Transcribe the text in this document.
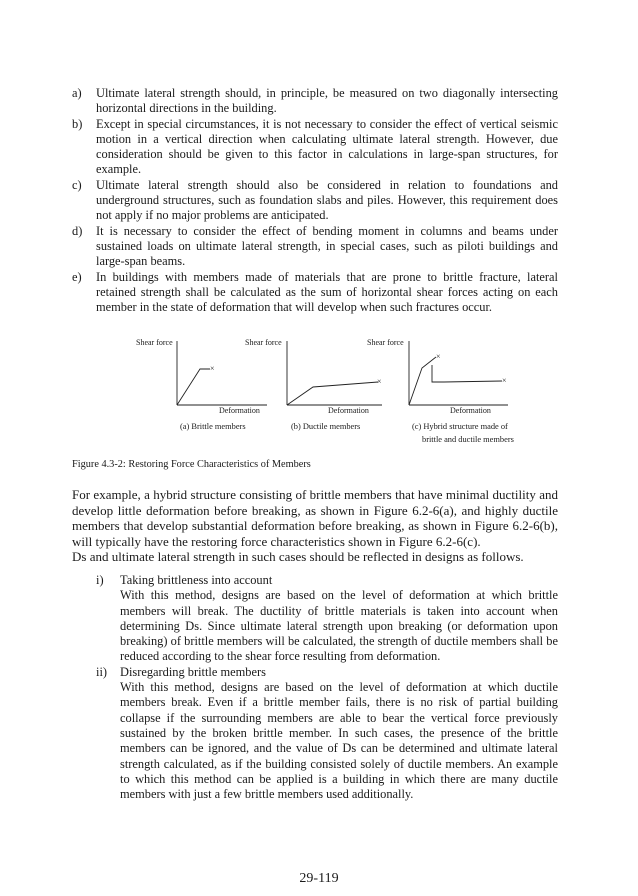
a)	Ultimate lateral strength should, in principle, be measured on two diagonally intersecting horizontal directions in the building.
b)	Except in special circumstances, it is not necessary to consider the effect of vertical seismic motion in a vertical direction when calculating ultimate lateral strength. However, due consideration should be given to this factor in calculations in large-span structures, for example.
c)	Ultimate lateral strength should also be considered in relation to foundations and underground structures, such as foundation slabs and piles. However, this requirement does not apply if no major problems are anticipated.
d)	It is necessary to consider the effect of bending moment in columns and beams under sustained loads on ultimate lateral strength, in special cases, such as piloti buildings and large-span beams.
e)	In buildings with members made of materials that are prone to brittle fracture, lateral retained strength shall be calculated as the sum of horizontal shear forces acting on each member in the state of deformation that will develop when such fractures occur.
Shear force
×
Deformation
(a) Brittle members
Shear force
×
Deformation
(b) Ductile members
Shear force
×
×
Deformation
(c) Hybrid structure made of
brittle and ductile members
Figure 4.3-2: Restoring Force Characteristics of Members

For example, a hybrid structure consisting of brittle members that have minimal ductility and develop little deformation before breaking, as shown in Figure 6.2-6(a), and highly ductile members that develop substantial deformation before breaking, as shown in Figure 6.2-6(b), will typically have the restoring force characteristics shown in Figure 6.2-6(c).
Ds and ultimate lateral strength in such cases should be reflected in designs as follows.

i)	Taking brittleness into account
With this method, designs are based on the level of deformation at which brittle members will break. The ductility of brittle materials is taken into account when determining Ds. Since ultimate lateral strength upon breaking (or deformation upon breaking) of brittle members will be calculated, the strength of ductile members shall be reduced according to the shear force resulting from deformation.
ii)	Disregarding brittle members
With this method, designs are based on the level of deformation at which ductile members break. Even if a brittle member fails, there is no risk of partial building collapse if the surrounding members are able to bear the vertical force previously sustained by the broken brittle member. In such cases, the presence of the brittle members can be ignored, and the value of Ds can be determined and ultimate lateral strength calculated, as if the building consisted solely of ductile members. An example to which this method can be applied is a building in which there are many ductile members with just a few brittle members used additionally.
29-119
